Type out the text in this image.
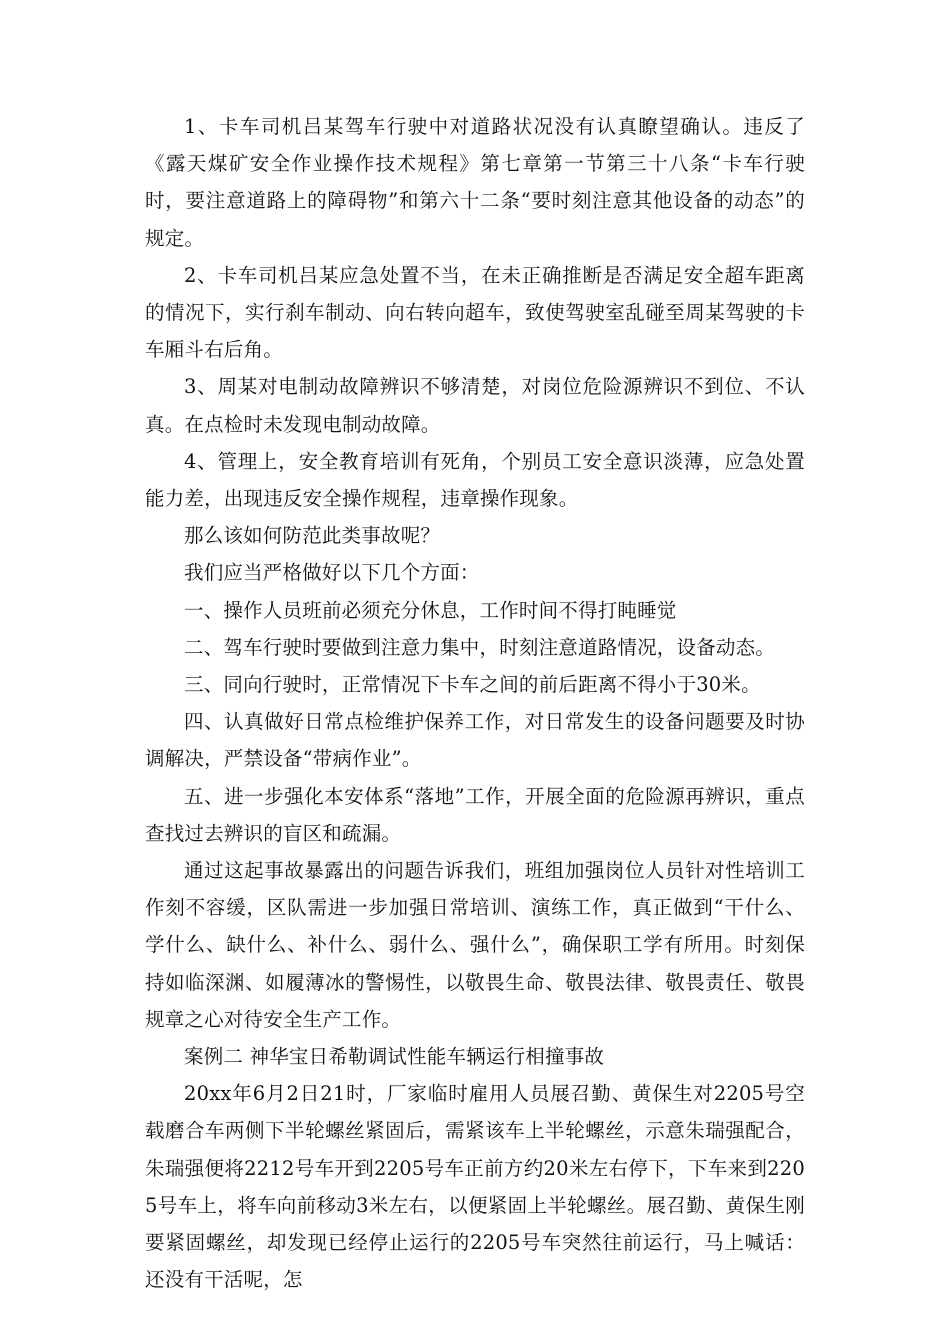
1、卡车司机吕某驾车行驶中对道路状况没有认真瞭望确认。违反了《露天煤矿安全作业操作技术规程》第七章第一节第三十八条“卡车行驶时，要注意道路上的障碍物”和第六十二条“要时刻注意其他设备的动态”的规定。

2、卡车司机吕某应急处置不当，在未正确推断是否满足安全超车距离的情况下，实行刹车制动、向右转向超车，致使驾驶室乱碰至周某驾驶的卡车厢斗右后角。

3、周某对电制动故障辨识不够清楚，对岗位危险源辨识不到位、不认真。在点检时未发现电制动故障。

4、管理上，安全教育培训有死角，个别员工安全意识淡薄，应急处置能力差，出现违反安全操作规程，违章操作现象。

那么该如何防范此类事故呢？

我们应当严格做好以下几个方面：

一、操作人员班前必须充分休息，工作时间不得打盹睡觉

二、驾车行驶时要做到注意力集中，时刻注意道路情况，设备动态。

三、同向行驶时，正常情况下卡车之间的前后距离不得小于30米。

四、认真做好日常点检维护保养工作，对日常发生的设备问题要及时协调解决，严禁设备“带病作业”。

五、进一步强化本安体系“落地”工作，开展全面的危险源再辨识，重点查找过去辨识的盲区和疏漏。

通过这起事故暴露出的问题告诉我们，班组加强岗位人员针对性培训工作刻不容缓，区队需进一步加强日常培训、演练工作，真正做到“干什么、学什么、缺什么、补什么、弱什么、强什么”，确保职工学有所用。时刻保持如临深渊、如履薄冰的警惕性，以敬畏生命、敬畏法律、敬畏责任、敬畏规章之心对待安全生产工作。

案例二 神华宝日希勒调试性能车辆运行相撞事故

20xx年6月2日21时，厂家临时雇用人员展召勤、黄保生对2205号空载磨合车两侧下半轮螺丝紧固后，需紧该车上半轮螺丝，示意朱瑞强配合，朱瑞强便将2212号车开到2205号车正前方约20米左右停下，下车来到2205号车上，将车向前移动3米左右，以便紧固上半轮螺丝。展召勤、黄保生刚要紧固螺丝，却发现已经停止运行的2205号车突然往前运行，马上喊话：还没有干活呢，怎
